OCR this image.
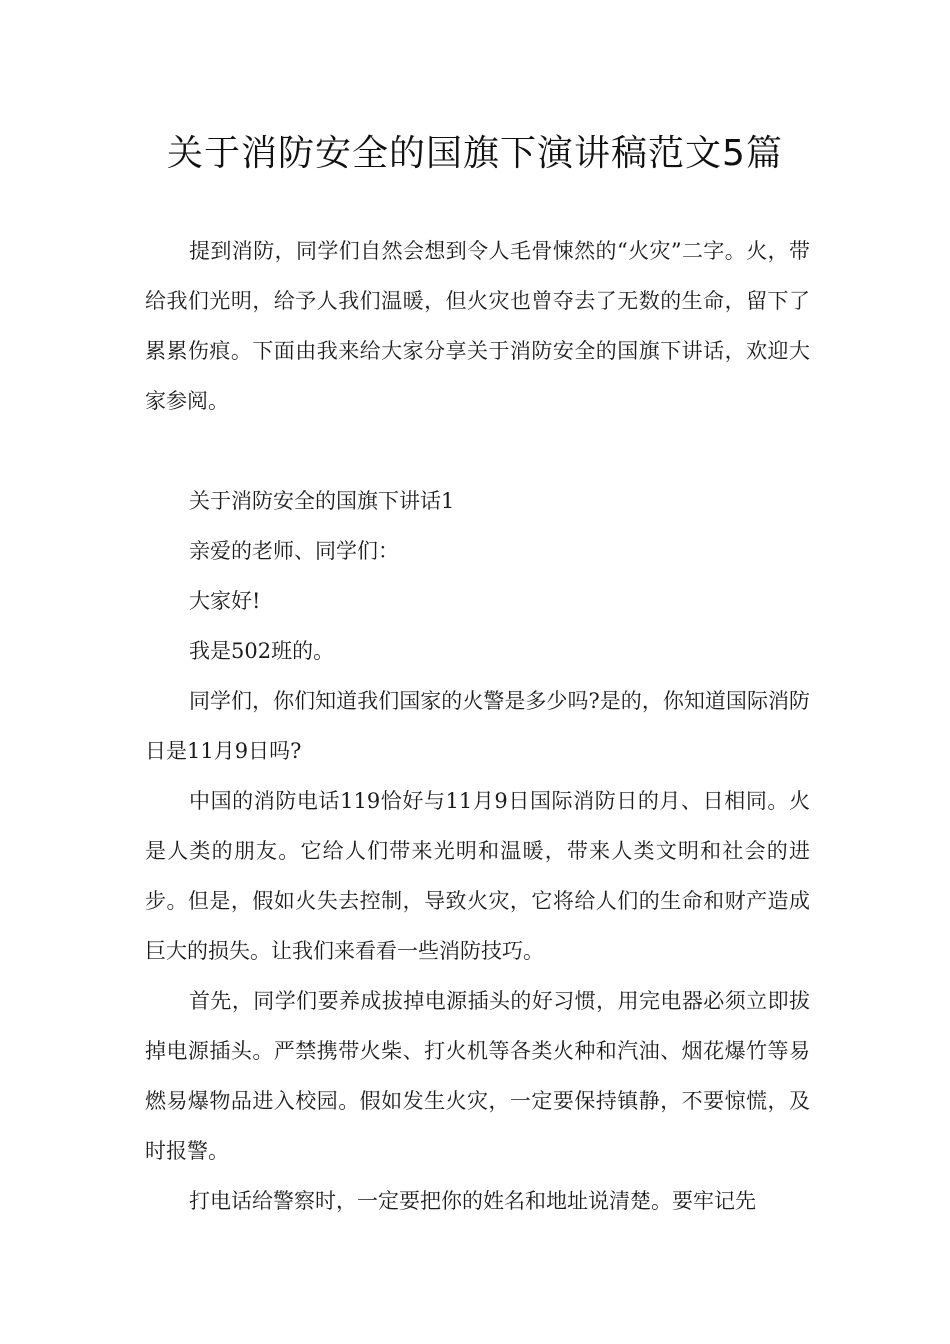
关于消防安全的国旗下演讲稿范文5篇

提到消防，同学们自然会想到令人毛骨悚然的“火灾”二字。火，带给我们光明，给予人我们温暖，但火灾也曾夺去了无数的生命，留下了累累伤痕。下面由我来给大家分享关于消防安全的国旗下讲话，欢迎大家参阅。

关于消防安全的国旗下讲话1

亲爱的老师、同学们：

大家好!

我是502班的。

同学们，你们知道我们国家的火警是多少吗?是的，你知道国际消防日是11月9日吗?

中国的消防电话119恰好与11月9日国际消防日的月、日相同。火是人类的朋友。它给人们带来光明和温暖，带来人类文明和社会的进步。但是，假如火失去控制，导致火灾，它将给人们的生命和财产造成巨大的损失。让我们来看看一些消防技巧。

首先，同学们要养成拔掉电源插头的好习惯，用完电器必须立即拔掉电源插头。严禁携带火柴、打火机等各类火种和汽油、烟花爆竹等易燃易爆物品进入校园。假如发生火灾，一定要保持镇静，不要惊慌，及时报警。

打电话给警察时，一定要把你的姓名和地址说清楚。要牢记先
